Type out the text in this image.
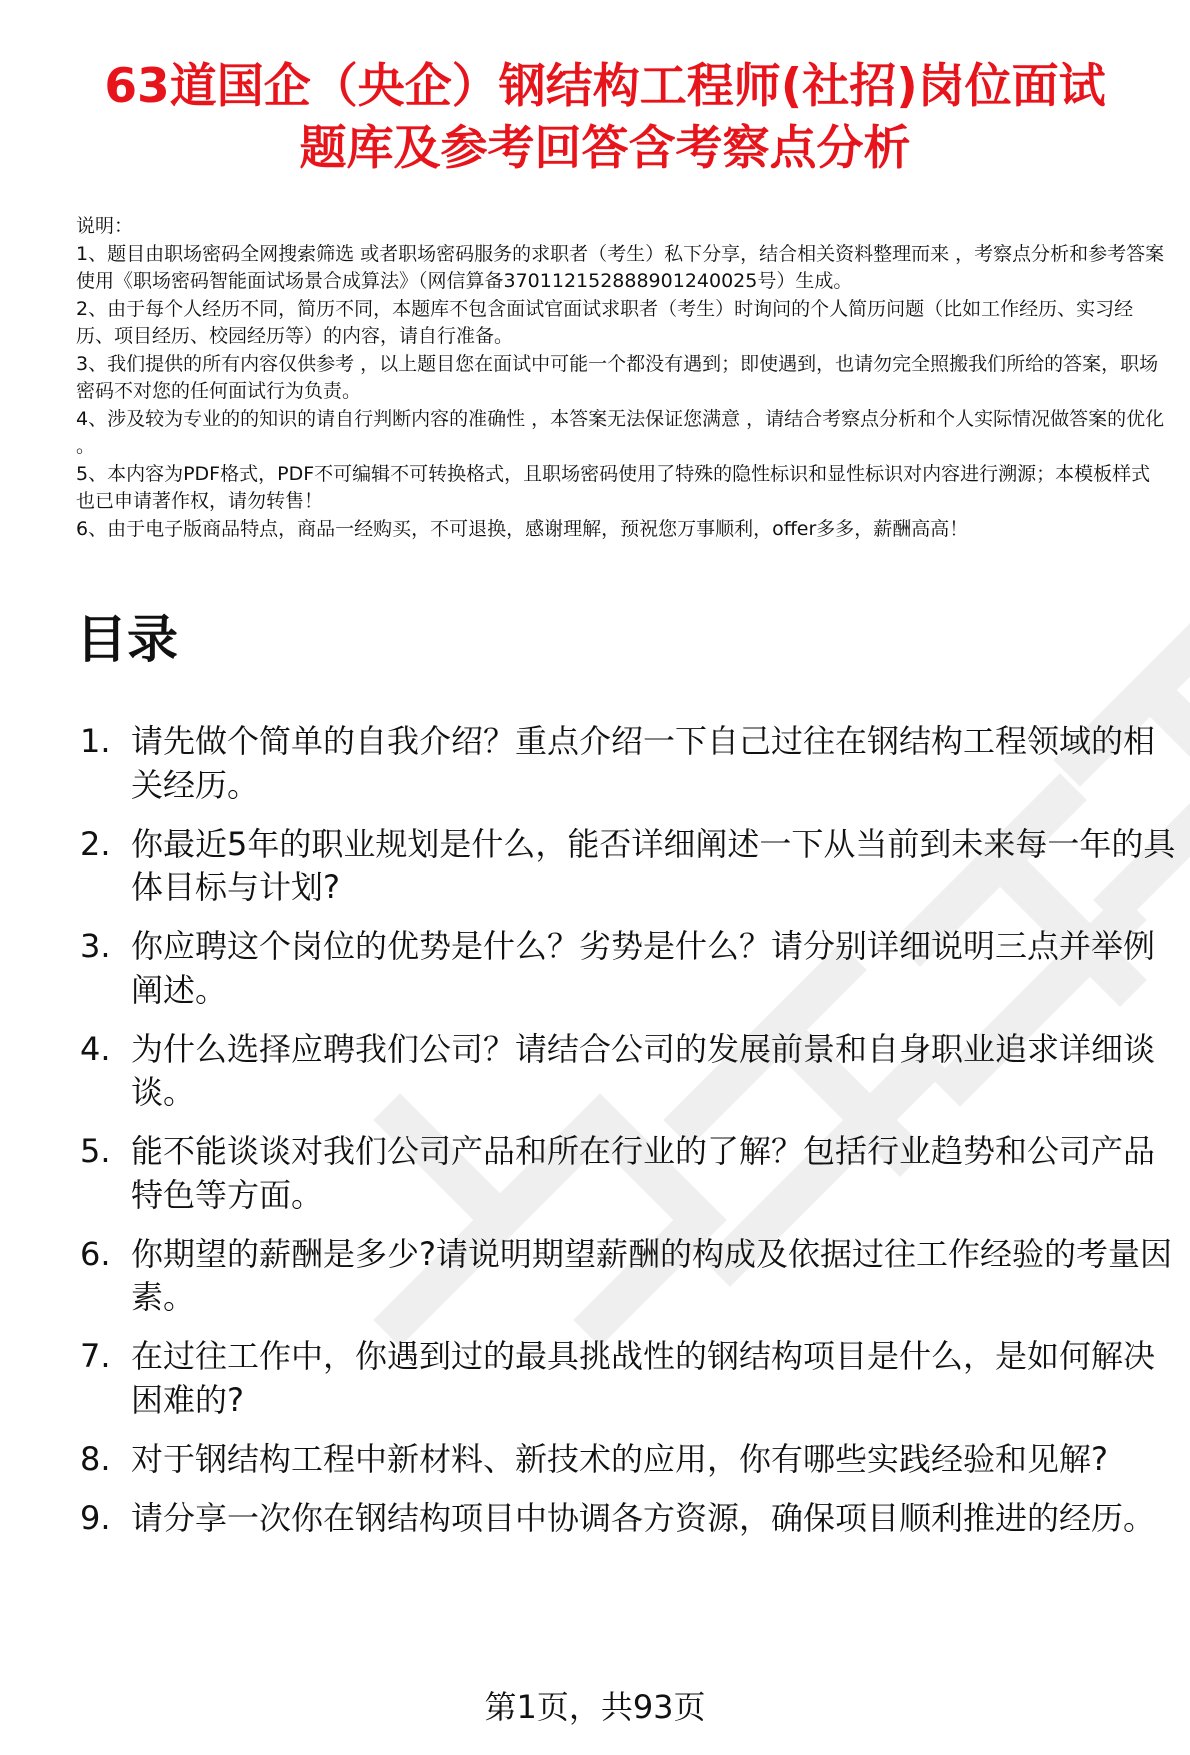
63道国企（央企）钢结构工程师(社招)岗位面试
题库及参考回答含考察点分析

说明：

1、题目由职场密码全网搜索筛选 或者职场密码服务的求职者（考生）私下分享，结合相关资料整理而来 ，考察点分析和参考答案使用《职场密码智能面试场景合成算法》（网信算备370112152888901240025号）生成。

2、由于每个人经历不同，简历不同，本题库不包含面试官面试求职者（考生）时询问的个人简历问题（比如工作经历、实习经历、项目经历、校园经历等）的内容，请自行准备。

3、我们提供的所有内容仅供参考 ，以上题目您在面试中可能一个都没有遇到；即使遇到，也请勿完全照搬我们所给的答案，职场密码不对您的任何面试行为负责。

4、涉及较为专业的的知识的请自行判断内容的准确性 ，本答案无法保证您满意 ，请结合考察点分析和个人实际情况做答案的优化 。

5、本内容为PDF格式，PDF不可编辑不可转换格式，且职场密码使用了特殊的隐性标识和显性标识对内容进行溯源；本模板样式也已申请著作权，请勿转售！

6、由于电子版商品特点，商品一经购买，不可退换，感谢理解，预祝您万事顺利，offer多多，薪酬高高！

目录
1. 请先做个简单的自我介绍？重点介绍一下自己过往在钢结构工程领域的相关经历。
2. 你最近5年的职业规划是什么，能否详细阐述一下从当前到未来每一年的具体目标与计划?
3. 你应聘这个岗位的优势是什么？劣势是什么？请分别详细说明三点并举例阐述。
4. 为什么选择应聘我们公司？请结合公司的发展前景和自身职业追求详细谈谈。
5. 能不能谈谈对我们公司产品和所在行业的了解？包括行业趋势和公司产品特色等方面。
6. 你期望的薪酬是多少?请说明期望薪酬的构成及依据过往工作经验的考量因素。
7. 在过往工作中，你遇到过的最具挑战性的钢结构项目是什么，是如何解决困难的?
8. 对于钢结构工程中新材料、新技术的应用，你有哪些实践经验和见解?
9. 请分享一次你在钢结构项目中协调各方资源，确保项目顺利推进的经历。
第1页，共93页
